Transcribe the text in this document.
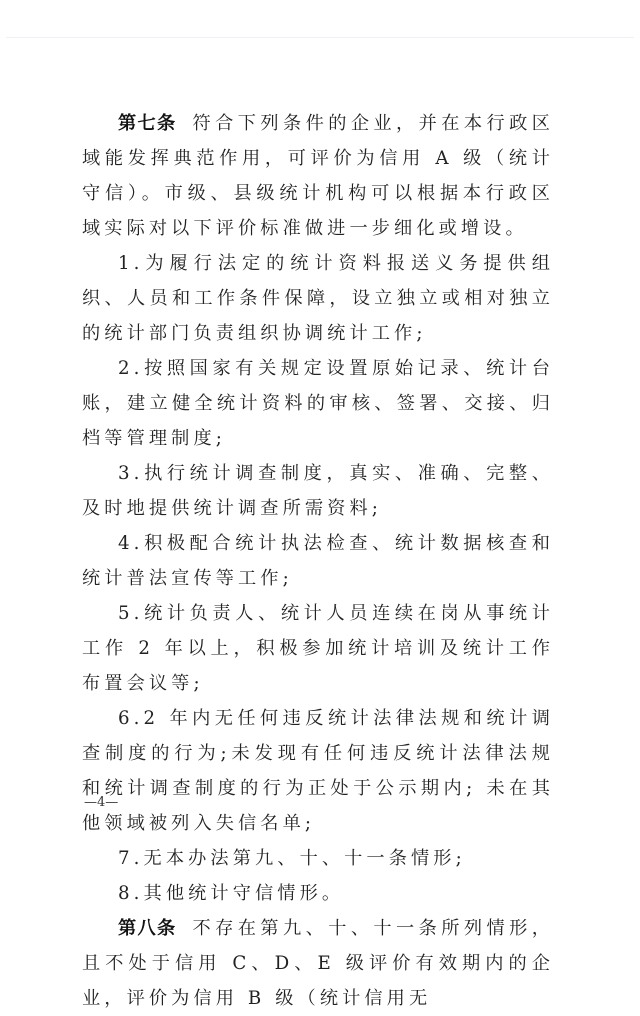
第七条 符合下列条件的企业，并在本行政区域能发挥典范作用，可评价为信用 A 级（统计守信）。市级、县级统计机构可以根据本行政区域实际对以下评价标准做进一步细化或增设。

1.为履行法定的统计资料报送义务提供组织、人员和工作条件保障，设立独立或相对独立的统计部门负责组织协调统计工作;

2.按照国家有关规定设置原始记录、统计台账，建立健全统计资料的审核、签署、交接、归档等管理制度;

3.执行统计调查制度，真实、准确、完整、及时地提供统计调查所需资料;

4.积极配合统计执法检查、统计数据核查和统计普法宣传等工作;

5.统计负责人、统计人员连续在岗从事统计工作 2 年以上，积极参加统计培训及统计工作布置会议等;

6.2 年内无任何违反统计法律法规和统计调查制度的行为;未发现有任何违反统计法律法规和统计调查制度的行为正处于公示期内; 未在其他领域被列入失信名单;

7.无本办法第九、十、十一条情形;

8.其他统计守信情形。

第八条 不存在第九、十、十一条所列情形，且不处于信用 C、D、E 级评价有效期内的企业，评价为信用 B 级（统计信用无

—4—
